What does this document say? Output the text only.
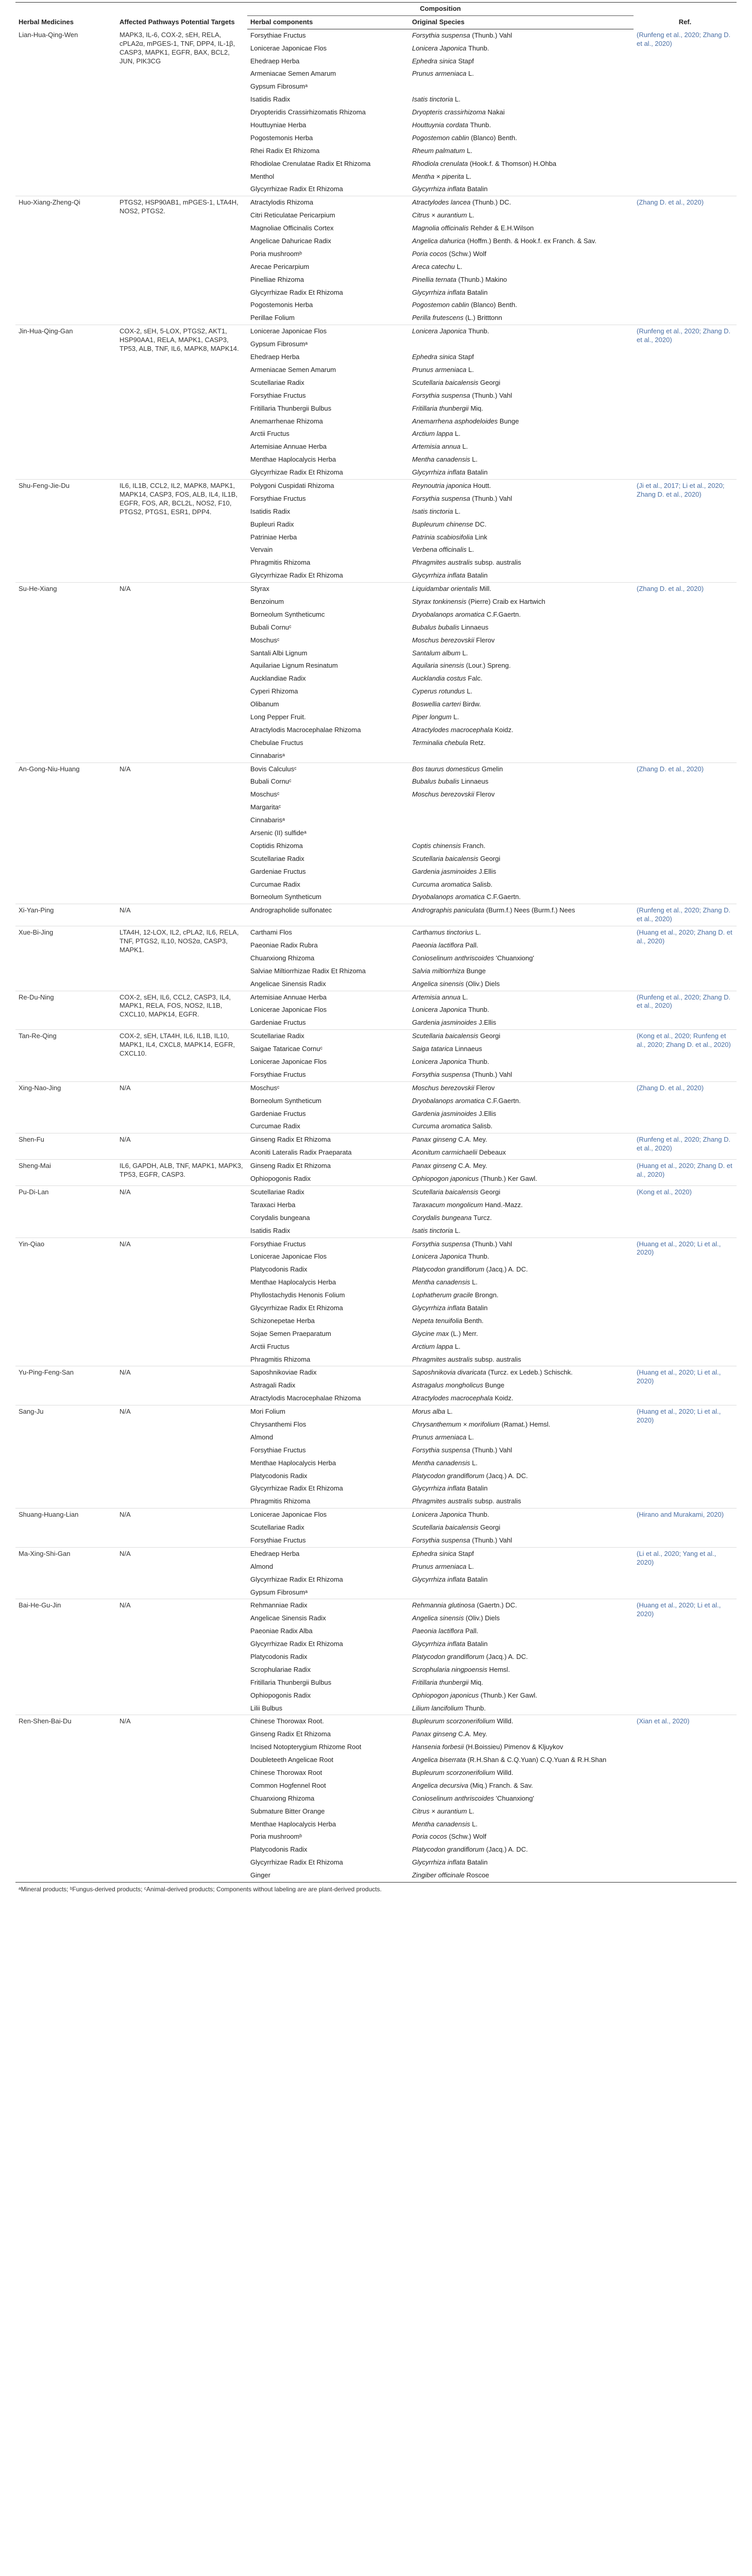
Herbal Medicines	Affected Pathways Potential Targets	Composition		Ref.
		Herbal components	Original Species	
Lian-Hua-Qing-Wen	MAPK3, IL-6, COX-2, sEH, RELA, cPLA2α, mPGES-1, TNF, DPP4, IL-1β, CASP3, MAPK1, EGFR, BAX, BCL2, JUN, PIK3CG	Forsythiae Fructus	Forsythia suspensa (Thunb.) Vahl	(Runfeng et al., 2020; Zhang D. et al., 2020)
		Lonicerae Japonicae Flos	Lonicera Japonica Thunb.	
		Ehedraep Herba	Ephedra sinica Stapf	
		Armeniacae Semen Amarum	Prunus armeniaca L.	
		Gypsum Fibrosumᵃ		
		Isatidis Radix	Isatis tinctoria L.	
		Dryopteridis Crassirhizomatis Rhizoma	Dryopteris crassirhizoma Nakai	
		Houttuyniae Herba	Houttuynia cordata Thunb.	
		Pogostemonis Herba	Pogostemon cablin (Blanco) Benth.	
		Rhei Radix Et Rhizoma	Rheum palmatum L.	
		Rhodiolae Crenulatae Radix Et Rhizoma	Rhodiola crenulata (Hook.f. & Thomson) H.Ohba	
		Menthol	Mentha × piperita L.	
		Glycyrrhizae Radix Et Rhizoma	Glycyrrhiza inflata Batalin	
Huo-Xiang-Zheng-Qi	PTGS2, HSP90AB1, mPGES-1, LTA4H, NOS2, PTGS2.	Atractylodis Rhizoma	Atractylodes lancea (Thunb.) DC.	(Zhang D. et al., 2020)
		Citri Reticulatae Pericarpium	Citrus × aurantium L.	
		Magnoliae Officinalis Cortex	Magnolia officinalis Rehder & E.H.Wilson	
		Angelicae Dahuricae Radix	Angelica dahurica (Hoffm.) Benth. & Hook.f. ex Franch. & Sav.	
		Poria mushroomᵇ	Poria cocos (Schw.) Wolf	
		Arecae Pericarpium	Areca catechu L.	
		Pinelliae Rhizoma	Pinellia ternata (Thunb.) Makino	
		Glycyrrhizae Radix Et Rhizoma	Glycyrrhiza inflata Batalin	
		Pogostemonis Herba	Pogostemon cablin (Blanco) Benth.	
		Perillae Folium	Perilla frutescens (L.) Britttonn	
Jin-Hua-Qing-Gan	COX-2, sEH, 5-LOX, PTGS2, AKT1, HSP90AA1, RELA, MAPK1, CASP3, TP53, ALB, TNF, IL6, MAPK8, MAPK14.	Lonicerae Japonicae Flos	Lonicera Japonica Thunb.	(Runfeng et al., 2020; Zhang D. et al., 2020)
		Gypsum Fibrosumᵃ		
		Ehedraep Herba	Ephedra sinica Stapf	
		Armeniacae Semen Amarum	Prunus armeniaca L.	
		Scutellariae Radix	Scutellaria baicalensis Georgi	
		Forsythiae Fructus	Forsythia suspensa (Thunb.) Vahl	
		Fritillaria Thunbergii Bulbus	Fritillaria thunbergii Miq.	
		Anemarrhenae Rhizoma	Anemarrhena asphodeloides Bunge	
		Arctii Fructus	Arctium lappa L.	
		Artemisiae Annuae Herba	Artemisia annua L.	
		Menthae Haplocalycis Herba	Mentha canadensis L.	
		Glycyrrhizae Radix Et Rhizoma	Glycyrrhiza inflata Batalin	
Shu-Feng-Jie-Du	IL6, IL1B, CCL2, IL2, MAPK8, MAPK1, MAPK14, CASP3, FOS, ALB, IL4, IL1B, EGFR, FOS, AR, BCL2L, NOS2, F10, PTGS2, PTGS1, ESR1, DPP4.	Polygoni Cuspidati Rhizoma	Reynoutria japonica Houtt.	(Ji et al., 2017; Li et al., 2020; Zhang D. et al., 2020)
		Forsythiae Fructus	Forsythia suspensa (Thunb.) Vahl	
		Isatidis Radix	Isatis tinctoria L.	
		Bupleuri Radix	Bupleurum chinense DC.	
		Patriniae Herba	Patrinia scabiosifolia Link	
		Vervain	Verbena officinalis L.	
		Phragmitis Rhizoma	Phragmites australis subsp. australis	
		Glycyrrhizae Radix Et Rhizoma	Glycyrrhiza inflata Batalin	
Su-He-Xiang	N/A	Styrax	Liquidambar orientalis Mill.	(Zhang D. et al., 2020)
		Benzoinum	Styrax tonkinensis (Pierre) Craib ex Hartwich	
		Borneolum Syntheticumc	Dryobalanops aromatica C.F.Gaertn.	
		Bubali Cornuᶜ	Bubalus bubalis Linnaeus	
		Moschusᶜ	Moschus berezovskii Flerov	
		Santali Albi Lignum	Santalum album L.	
		Aquilariae Lignum Resinatum	Aquilaria sinensis (Lour.) Spreng.	
		Aucklandiae Radix	Aucklandia costus Falc.	
		Cyperi Rhizoma	Cyperus rotundus L.	
		Olibanum	Boswellia carteri Birdw.	
		Long Pepper Fruit.	Piper longum L.	
		Atractylodis Macrocephalae Rhizoma	Atractylodes macrocephala Koidz.	
		Chebulae Fructus	Terminalia chebula Retz.	
		Cinnabarisᵃ		
An-Gong-Niu-Huang	N/A	Bovis Calculusᶜ	Bos taurus domesticus Gmelin	(Zhang D. et al., 2020)
		Bubali Cornuᶜ	Bubalus bubalis Linnaeus	
		Moschusᶜ	Moschus berezovskii Flerov	
		Margaritaᶜ		
		Cinnabarisᵃ		
		Arsenic (II) sulfideᵃ		
		Coptidis Rhizoma	Coptis chinensis Franch.	
		Scutellariae Radix	Scutellaria baicalensis Georgi	
		Gardeniae Fructus	Gardenia jasminoides J.Ellis	
		Curcumae Radix	Curcuma aromatica Salisb.	
		Borneolum Syntheticum	Dryobalanops aromatica C.F.Gaertn.	
Xi-Yan-Ping	N/A	Andrographolide sulfonatec	Andrographis paniculata (Burm.f.) Nees (Burm.f.) Nees	(Runfeng et al., 2020; Zhang D. et al., 2020)
Xue-Bi-Jing	LTA4H, 12-LOX, IL2, cPLA2, IL6, RELA, TNF, PTGS2, IL10, NOS2α, CASP3, MAPK1.	Carthami Flos	Carthamus tinctorius L.	(Huang et al., 2020; Zhang D. et al., 2020)
		Paeoniae Radix Rubra	Paeonia lactiflora Pall.	
		Chuanxiong Rhizoma	Conioselinum anthriscoides 'Chuanxiong'	
		Salviae Miltiorrhizae Radix Et Rhizoma	Salvia miltiorrhiza Bunge	
		Angelicae Sinensis Radix	Angelica sinensis (Oliv.) Diels	
Re-Du-Ning	COX-2, sEH, IL6, CCL2, CASP3, IL4, MAPK1, RELA, FOS, NOS2, IL1B, CXCL10, MAPK14, EGFR.	Artemisiae Annuae Herba	Artemisia annua L.	(Runfeng et al., 2020; Zhang D. et al., 2020)
		Lonicerae Japonicae Flos	Lonicera Japonica Thunb.	
		Gardeniae Fructus	Gardenia jasminoides J.Ellis	
Tan-Re-Qing	COX-2, sEH, LTA4H, IL6, IL1B, IL10, MAPK1, IL4, CXCL8, MAPK14, EGFR, CXCL10.	Scutellariae Radix	Scutellaria baicalensis Georgi	(Kong et al., 2020; Runfeng et al., 2020; Zhang D. et al., 2020)
		Saigae Tataricae Cornuᶜ	Saiga tatarica Linnaeus	
		Lonicerae Japonicae Flos	Lonicera Japonica Thunb.	
		Forsythiae Fructus	Forsythia suspensa (Thunb.) Vahl	
Xing-Nao-Jing	N/A	Moschusᶜ	Moschus berezovskii Flerov	(Zhang D. et al., 2020)
		Borneolum Syntheticum	Dryobalanops aromatica C.F.Gaertn.	
		Gardeniae Fructus	Gardenia jasminoides J.Ellis	
		Curcumae Radix	Curcuma aromatica Salisb.	
Shen-Fu	N/A	Ginseng Radix Et Rhizoma	Panax ginseng C.A. Mey.	(Runfeng et al., 2020; Zhang D. et al., 2020)
		Aconiti Lateralis Radix Praeparata	Aconitum carmichaelii Debeaux	
Sheng-Mai	IL6, GAPDH, ALB, TNF, MAPK1, MAPK3, TP53, EGFR, CASP3.	Ginseng Radix Et Rhizoma	Panax ginseng C.A. Mey.	(Huang et al., 2020; Zhang D. et al., 2020)
		Ophiopogonis Radix	Ophiopogon japonicus (Thunb.) Ker Gawl.	
Pu-Di-Lan	N/A	Scutellariae Radix	Scutellaria baicalensis Georgi	(Kong et al., 2020)
		Taraxaci Herba	Taraxacum mongolicum Hand.-Mazz.	
		Corydalis bungeana	Corydalis bungeana Turcz.	
		Isatidis Radix	Isatis tinctoria L.	
Yin-Qiao	N/A	Forsythiae Fructus	Forsythia suspensa (Thunb.) Vahl	(Huang et al., 2020; Li et al., 2020)
		Lonicerae Japonicae Flos	Lonicera Japonica Thunb.	
		Platycodonis Radix	Platycodon grandiflorum (Jacq.) A. DC.	
		Menthae Haplocalycis Herba	Mentha canadensis L.	
		Phyllostachydis Henonis Folium	Lophatherum gracile Brongn.	
		Glycyrrhizae Radix Et Rhizoma	Glycyrrhiza inflata Batalin	
		Schizonepetae Herba	Nepeta tenuifolia Benth.	
		Sojae Semen Praeparatum	Glycine max (L.) Merr.	
		Arctii Fructus	Arctium lappa L.	
		Phragmitis Rhizoma	Phragmites australis subsp. australis	
Yu-Ping-Feng-San	N/A	Saposhnikoviae Radix	Saposhnikovia divaricata (Turcz. ex Ledeb.) Schischk.	(Huang et al., 2020; Li et al., 2020)
		Astragali Radix	Astragalus mongholicus Bunge	
		Atractylodis Macrocephalae Rhizoma	Atractylodes macrocephala Koidz.	
Sang-Ju	N/A	Mori Folium	Morus alba L.	(Huang et al., 2020; Li et al., 2020)
		Chrysanthemi Flos	Chrysanthemum × morifolium (Ramat.) Hemsl.	
		Almond	Prunus armeniaca L.	
		Forsythiae Fructus	Forsythia suspensa (Thunb.) Vahl	
		Menthae Haplocalycis Herba	Mentha canadensis L.	
		Platycodonis Radix	Platycodon grandiflorum (Jacq.) A. DC.	
		Glycyrrhizae Radix Et Rhizoma	Glycyrrhiza inflata Batalin	
		Phragmitis Rhizoma	Phragmites australis subsp. australis	
Shuang-Huang-Lian	N/A	Lonicerae Japonicae Flos	Lonicera Japonica Thunb.	(Hirano and Murakami, 2020)
		Scutellariae Radix	Scutellaria baicalensis Georgi	
		Forsythiae Fructus	Forsythia suspensa (Thunb.) Vahl	
Ma-Xing-Shi-Gan	N/A	Ehedraep Herba	Ephedra sinica Stapf	(Li et al., 2020; Yang et al., 2020)
		Almond	Prunus armeniaca L.	
		Glycyrrhizae Radix Et Rhizoma	Glycyrrhiza inflata Batalin	
		Gypsum Fibrosumᵃ		
Bai-He-Gu-Jin	N/A	Rehmanniae Radix	Rehmannia glutinosa (Gaertn.) DC.	(Huang et al., 2020; Li et al., 2020)
		Angelicae Sinensis Radix	Angelica sinensis (Oliv.) Diels	
		Paeoniae Radix Alba	Paeonia lactiflora Pall.	
		Glycyrrhizae Radix Et Rhizoma	Glycyrrhiza inflata Batalin	
		Platycodonis Radix	Platycodon grandiflorum (Jacq.) A. DC.	
		Scrophulariae Radix	Scrophularia ningpoensis Hemsl.	
		Fritillaria Thunbergii Bulbus	Fritillaria thunbergii Miq.	
		Ophiopogonis Radix	Ophiopogon japonicus (Thunb.) Ker Gawl.	
		Lilii Bulbus	Lilium lancifolium Thunb.	
Ren-Shen-Bai-Du	N/A	Chinese Thorowax Root.	Bupleurum scorzonerifolium Willd.	(Xian et al., 2020)
		Ginseng Radix Et Rhizoma	Panax ginseng C.A. Mey.	
		Incised Notopterygium Rhizome Root	Hansenia forbesii (H.Boissieu) Pimenov & Kljuykov	
		Doubleteeth Angelicae Root	Angelica biserrata (R.H.Shan & C.Q.Yuan) C.Q.Yuan & R.H.Shan	
		Chinese Thorowax Root	Bupleurum scorzonerifolium Willd.	
		Common Hogfennel Root	Angelica decursiva (Miq.) Franch. & Sav.	
		Chuanxiong Rhizoma	Conioselinum anthriscoides 'Chuanxiong'	
		Submature Bitter Orange	Citrus × aurantium L.	
		Menthae Haplocalycis Herba	Mentha canadensis L.	
		Poria mushroomᵇ	Poria cocos (Schw.) Wolf	
		Platycodonis Radix	Platycodon grandiflorum (Jacq.) A. DC.	
		Glycyrrhizae Radix Et Rhizoma	Glycyrrhiza inflata Batalin	
		Ginger	Zingiber officinale Roscoe	
ᵃMineral products; ᵇFungus-derived products; ᶜAnimal-derived products; Components without labeling are are plant-derived products.				
